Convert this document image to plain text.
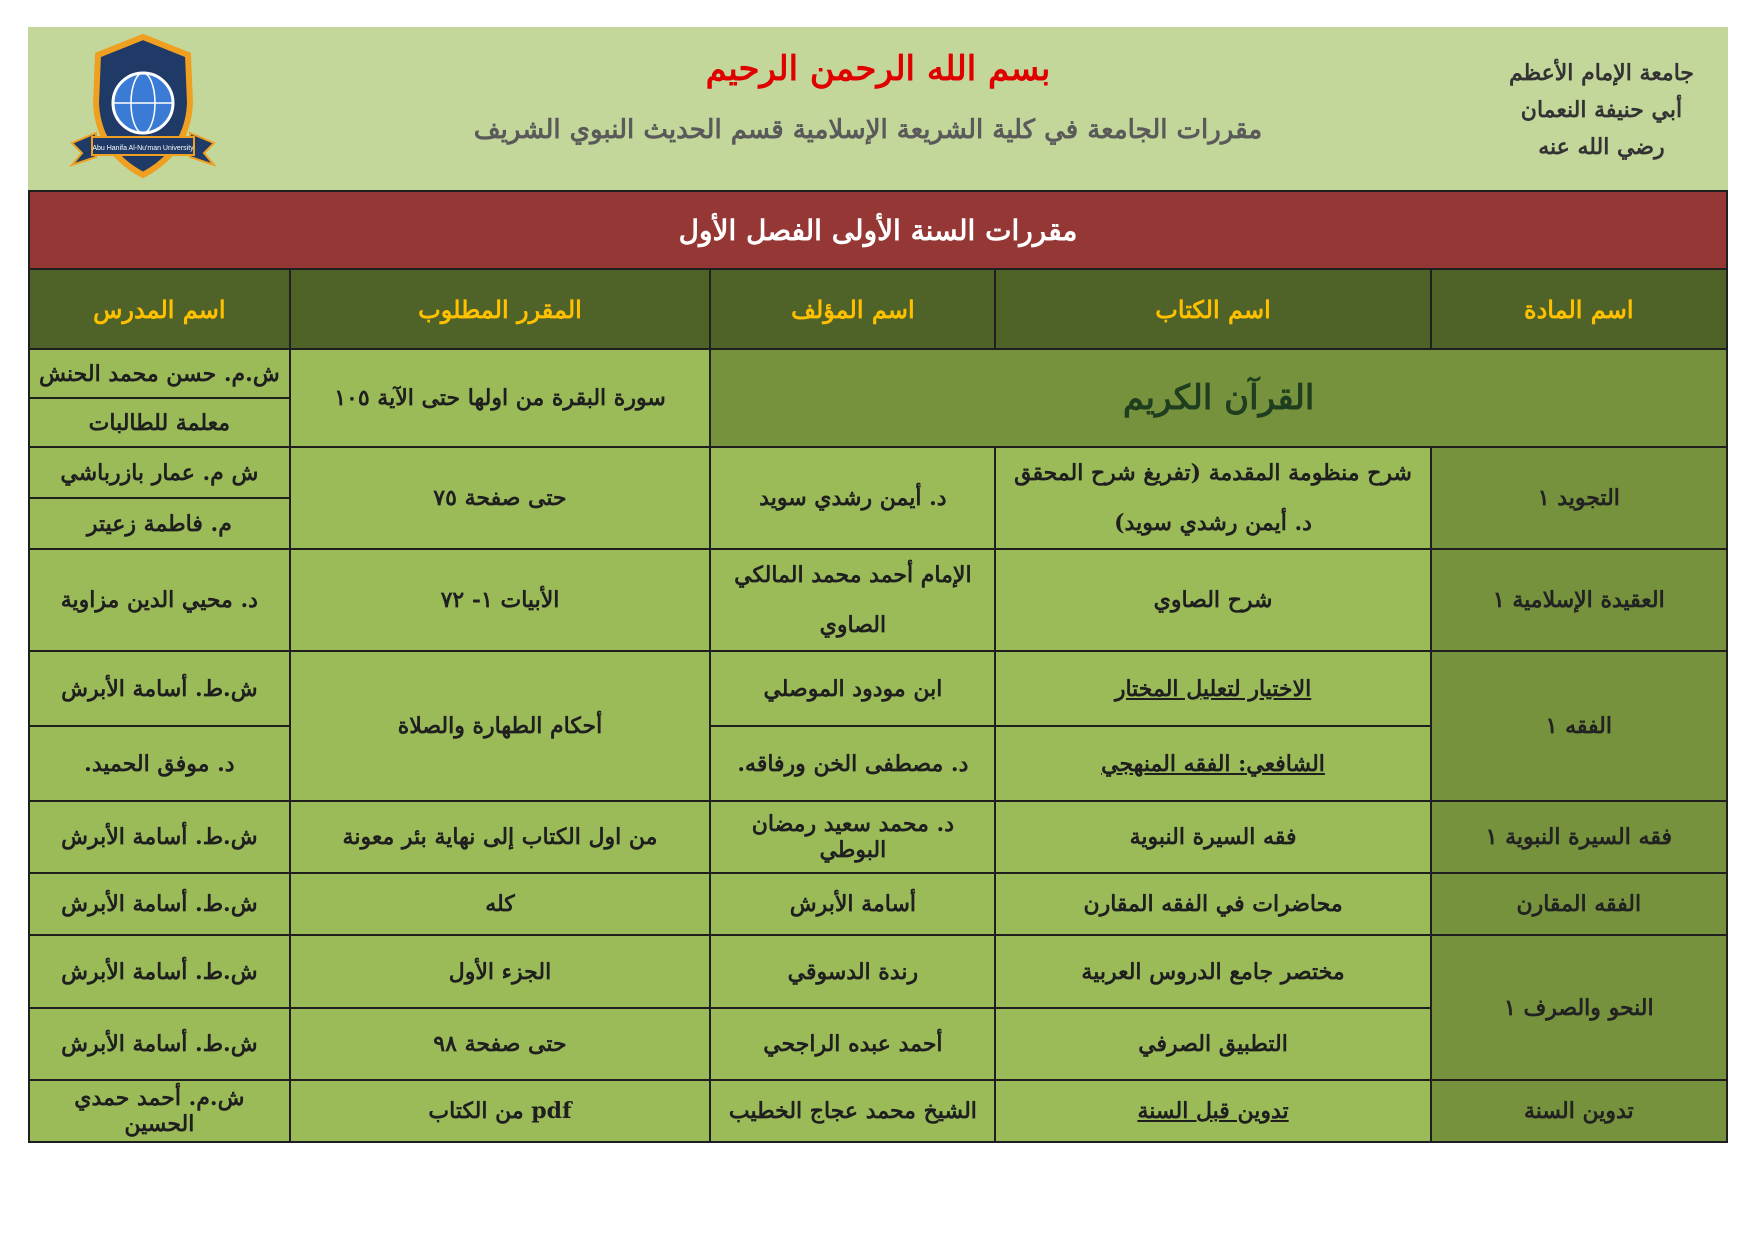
جامعة الإمام الأعظم
أبي حنيفة النعمان
رضي الله عنه
بسم الله الرحمن الرحيم
مقررات الجامعة في كلية الشريعة الإسلامية قسم الحديث النبوي الشريف
Abu Hanifa Al-Nu'man University
مقررات السنة الأولى الفصل الأول				
اسم المادة	اسم الكتاب	اسم المؤلف	المقرر المطلوب	اسم المدرس
القرآن الكريم			سورة البقرة من اولها حتى الآية ١٠٥	ش.م. حسن محمد الحنش
				معلمة للطالبات
التجويد ١	شرح منظومة المقدمة (تفريغ شرح المحقق د. أيمن رشدي سويد)	د. أيمن رشدي سويد	حتى صفحة ٧٥	ش م. عمار بازرباشي
				م. فاطمة زعيتر
العقيدة الإسلامية ١	شرح الصاوي	الإمام أحمد محمد المالكي الصاوي	الأبيات ١- ٧٢	د. محيي الدين مزاوية
الفقه ١	الاختيار لتعليل المختار	ابن مودود الموصلي	أحكام الطهارة والصلاة	ش.ط. أسامة الأبرش
	الشافعي: الفقه المنهجي	د. مصطفى الخن ورفاقه.		د. موفق الحميد.
فقه السيرة النبوية ١	فقه السيرة النبوية	د. محمد سعيد رمضان البوطي	من اول الكتاب إلى نهاية بئر معونة	ش.ط. أسامة الأبرش
الفقه المقارن	محاضرات في الفقه المقارن	أسامة الأبرش	كله	ش.ط. أسامة الأبرش
النحو والصرف ١	مختصر جامع الدروس العربية	رندة الدسوقي	الجزء الأول	ش.ط. أسامة الأبرش
	التطبيق الصرفي	أحمد عبده الراجحي	حتى صفحة ٩٨	ش.ط. أسامة الأبرش
تدوين السنة	تدوين قبل السنة	الشيخ محمد عجاج الخطيب	pdf من الكتاب	ش.م. أحمد حمدي الحسين
